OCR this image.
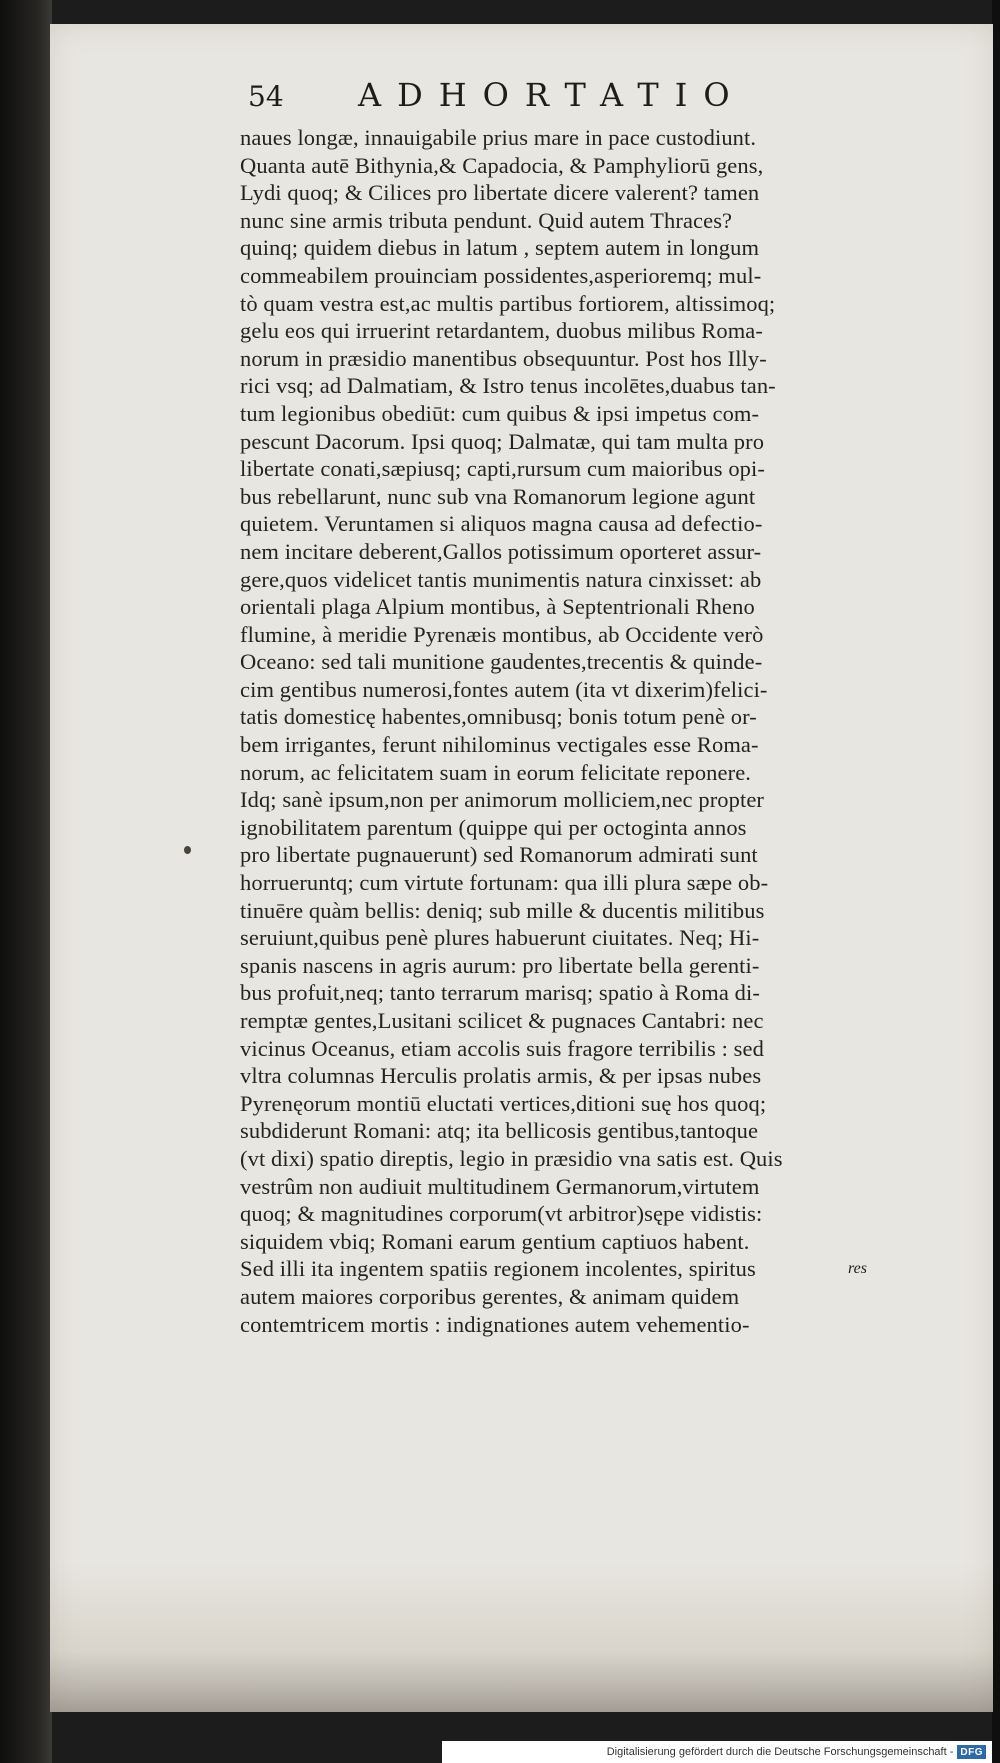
54 ADHORTATIO
naues longæ, innauigabile prius mare in pace custodiunt.
Quanta autē Bithynia,& Capadocia, & Pamphyliorū gens,
Lydi quoq; & Cilices pro libertate dicere valerent? tamen
nunc sine armis tributa pendunt. Quid autem Thraces?
quinq; quidem diebus in latum , septem autem in longum
commeabilem prouinciam possidentes,asperioremq; mul-
tò quam vestra est,ac multis partibus fortiorem, altissimoq;
gelu eos qui irruerint retardantem, duobus milibus Roma-
norum in præsidio manentibus obsequuntur. Post hos Illy-
rici vsq; ad Dalmatiam, & Istro tenus incolētes,duabus tan-
tum legionibus obediūt: cum quibus & ipsi impetus com-
pescunt Dacorum. Ipsi quoq; Dalmatæ, qui tam multa pro
libertate conati,sæpiusq; capti,rursum cum maioribus opi-
bus rebellarunt, nunc sub vna Romanorum legione agunt
quietem. Veruntamen si aliquos magna causa ad defectio-
nem incitare deberent,Gallos potissimum oporteret assur-
gere,quos videlicet tantis munimentis natura cinxisset: ab
orientali plaga Alpium montibus, à Septentrionali Rheno
flumine, à meridie Pyrenæis montibus, ab Occidente verò
Oceano: sed tali munitione gaudentes,trecentis & quinde-
cim gentibus numerosi,fontes autem (ita vt dixerim)felici-
tatis domesticę habentes,omnibusq; bonis totum penè or-
bem irrigantes, ferunt nihilominus vectigales esse Roma-
norum, ac felicitatem suam in eorum felicitate reponere.
Idq; sanè ipsum,non per animorum molliciem,nec propter
ignobilitatem parentum (quippe qui per octoginta annos
pro libertate pugnauerunt) sed Romanorum admirati sunt
horrueruntq; cum virtute fortunam: qua illi plura sæpe ob-
tinuēre quàm bellis: deniq; sub mille & ducentis militibus
seruiunt,quibus penè plures habuerunt ciuitates. Neq; Hi-
spanis nascens in agris aurum: pro libertate bella gerenti-
bus profuit,neq; tanto terrarum marisq; spatio à Roma di-
remptæ gentes,Lusitani scilicet & pugnaces Cantabri: nec
vicinus Oceanus, etiam accolis suis fragore terribilis : sed
vltra columnas Herculis prolatis armis, & per ipsas nubes
Pyrenęorum montiū eluctati vertices,ditioni suę hos quoq;
subdiderunt Romani: atq; ita bellicosis gentibus,tantoque
(vt dixi) spatio direptis, legio in præsidio vna satis est. Quis
vestrûm non audiuit multitudinem Germanorum,virtutem
quoq; & magnitudines corporum(vt arbitror)sępe vidistis:
siquidem vbiq; Romani earum gentium captiuos habent.
Sed illi ita ingentem spatiis regionem incolentes, spiritus
autem maiores corporibus gerentes, & animam quidem
contemtricem mortis : indignationes autem vehementio-
res
Digitalisierung gefördert durch die Deutsche Forschungsgemeinschaft - DFG
